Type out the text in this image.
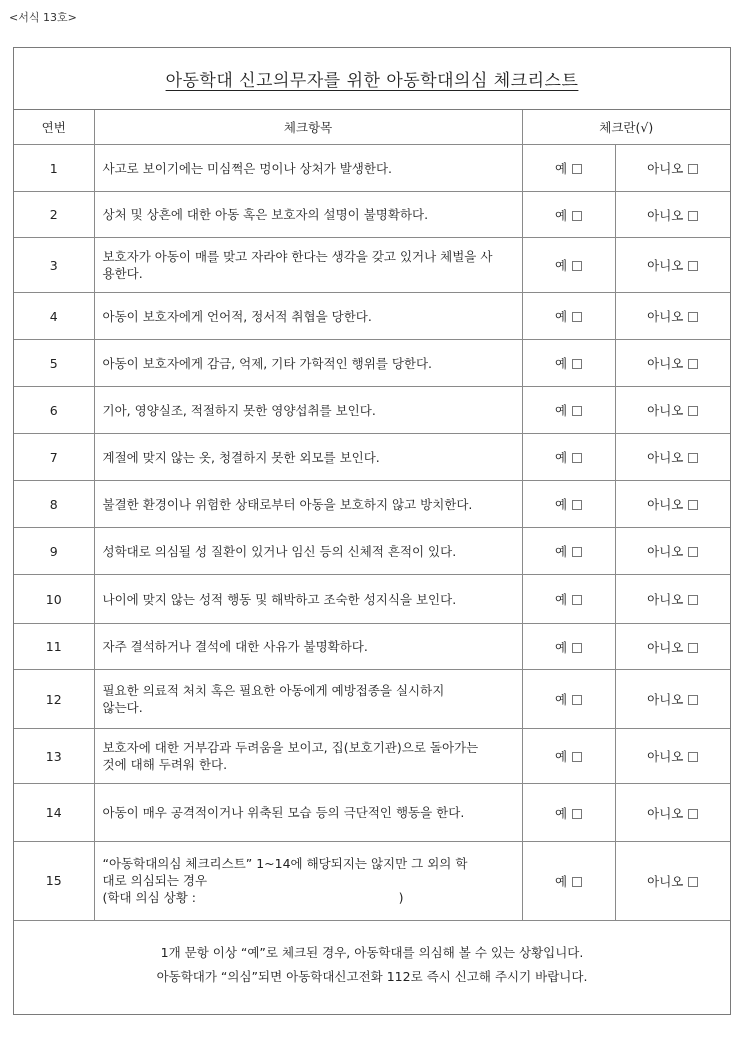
<서식 13호>
아동학대 신고의무자를 위한 아동학대의심 체크리스트
연번	체크항목	체크란(√)	
1	사고로 보이기에는 미심쩍은 멍이나 상처가 발생한다.	예	아니오
2	상처 및 상흔에 대한 아동 혹은 보호자의 설명이 불명확하다.	예	아니오
3	보호자가 아동이 매를 맞고 자라야 한다는 생각을 갖고 있거나 체벌을 사
용한다.	예	아니오
4	아동이 보호자에게 언어적, 정서적 취협을 당한다.	예	아니오
5	아동이 보호자에게 감금, 억제, 기타 가학적인 행위를 당한다.	예	아니오
6	기아, 영양실조, 적절하지 못한 영양섭취를 보인다.	예	아니오
7	계절에 맞지 않는 옷, 청결하지 못한 외모를 보인다.	예	아니오
8	불결한 환경이나 위험한 상태로부터 아동을 보호하지 않고 방치한다.	예	아니오
9	성학대로 의심될 성 질환이 있거나 임신 등의 신체적 흔적이 있다.	예	아니오
10	나이에 맞지 않는 성적 행동 및 해박하고 조숙한 성지식을 보인다.	예	아니오
11	자주 결석하거나 결석에 대한 사유가 불명확하다.	예	아니오
12	필요한 의료적 처치 혹은 필요한 아동에게 예방접종을 실시하지
않는다.	예	아니오
13	보호자에 대한 거부감과 두려움을 보이고, 집(보호기관)으로 돌아가는
것에 대해 두려워 한다.	예	아니오
14	아동이 매우 공격적이거나 위축된 모습 등의 극단적인 행동을 한다.	예	아니오
15	“아동학대의심 체크리스트” 1~14에 해당되지는 않지만 그 외의 학
대로 의심되는 경우
(학대 의심 상황 :                                                   )	예	아니오
1개 문항 이상 “예”로 체크된 경우, 아동학대를 의심해 볼 수 있는 상황입니다.
아동학대가 “의심”되면 아동학대신고전화 112로 즉시 신고해 주시기 바랍니다.
